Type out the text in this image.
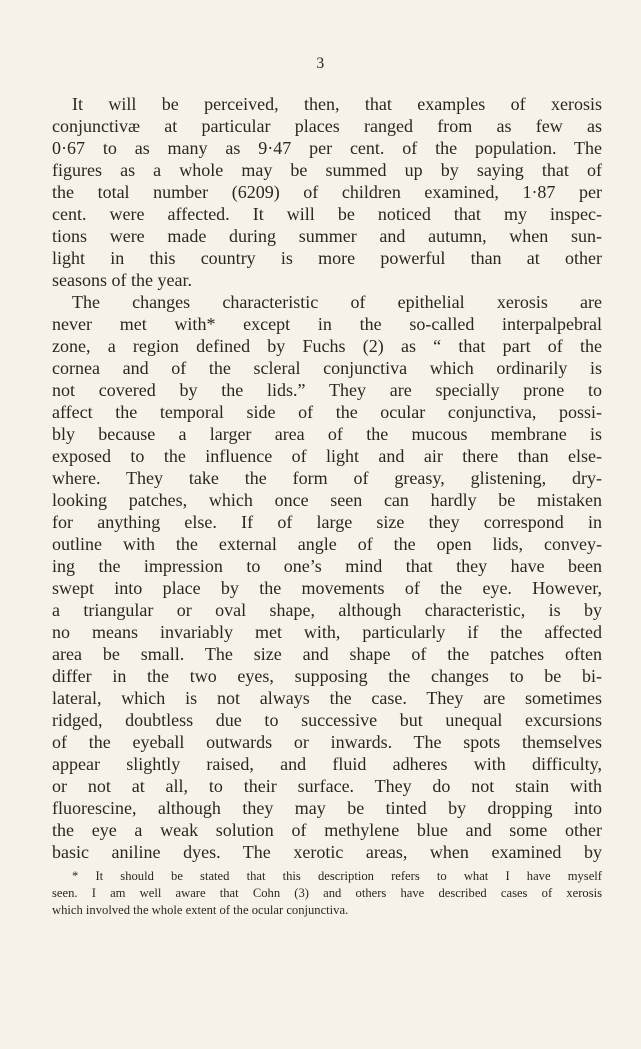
3
It will be perceived, then, that examples of xerosis
conjunctivæ at particular places ranged from as few as
0·67 to as many as 9·47 per cent. of the population. The
figures as a whole may be summed up by saying that of
the total number (6209) of children examined, 1·87 per
cent. were affected. It will be noticed that my inspec-
tions were made during summer and autumn, when sun-
light in this country is more powerful than at other
seasons of the year.
The changes characteristic of epithelial xerosis are
never met with* except in the so-called interpalpebral
zone, a region defined by Fuchs (2) as “ that part of the
cornea and of the scleral conjunctiva which ordinarily is
not covered by the lids.” They are specially prone to
affect the temporal side of the ocular conjunctiva, possi-
bly because a larger area of the mucous membrane is
exposed to the influence of light and air there than else-
where. They take the form of greasy, glistening, dry-
looking patches, which once seen can hardly be mistaken
for anything else. If of large size they correspond in
outline with the external angle of the open lids, convey-
ing the impression to one’s mind that they have been
swept into place by the movements of the eye. However,
a triangular or oval shape, although characteristic, is by
no means invariably met with, particularly if the affected
area be small. The size and shape of the patches often
differ in the two eyes, supposing the changes to be bi-
lateral, which is not always the case. They are sometimes
ridged, doubtless due to successive but unequal excursions
of the eyeball outwards or inwards. The spots themselves
appear slightly raised, and fluid adheres with difficulty,
or not at all, to their surface. They do not stain with
fluorescine, although they may be tinted by dropping into
the eye a weak solution of methylene blue and some other
basic aniline dyes. The xerotic areas, when examined by
* It should be stated that this description refers to what I have myself
seen. I am well aware that Cohn (3) and others have described cases of xerosis
which involved the whole extent of the ocular conjunctiva.
